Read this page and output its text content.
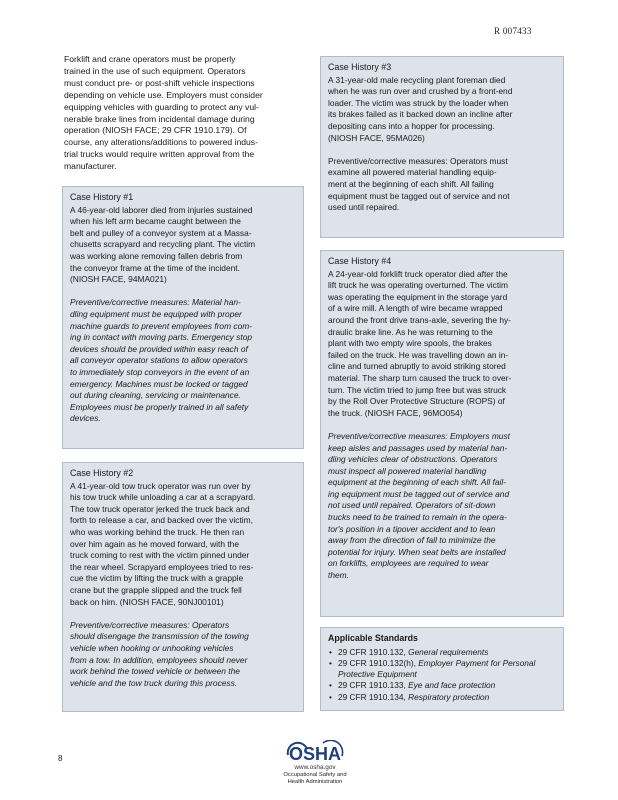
R 007433

Forklift and crane operators must be properly
trained in the use of such equipment. Operators
must conduct pre- or post-shift vehicle inspections
depending on vehicle use. Employers must consider
equipping vehicles with guarding to protect any vul-
nerable brake lines from incidental damage during
operation (NIOSH FACE; 29 CFR 1910.179). Of
course, any alterations/additions to powered indus-
trial trucks would require written approval from the
manufacturer.

Case History #1

A 46-year-old laborer died from injuries sustained
when his left arm became caught between the
belt and pulley of a conveyor system at a Massa-
chusetts scrapyard and recycling plant. The victim
was working alone removing fallen debris from
the conveyor frame at the time of the incident.
(NIOSH FACE, 94MA021)

Preventive/corrective measures: Material han-
dling equipment must be equipped with proper
machine guards to prevent employees from com-
ing in contact with moving parts. Emergency stop
devices should be provided within easy reach of
all conveyor operator stations to allow operators
to immediately stop conveyors in the event of an
emergency. Machines must be locked or tagged
out during cleaning, servicing or maintenance.
Employees must be properly trained in all safety
devices.

Case History #2

A 41-year-old tow truck operator was run over by
his tow truck while unloading a car at a scrapyard.
The tow truck operator jerked the truck back and
forth to release a car, and backed over the victim,
who was working behind the truck. He then ran
over him again as he moved forward, with the
truck coming to rest with the victim pinned under
the rear wheel. Scrapyard employees tried to res-
cue the victim by lifting the truck with a grapple
crane but the grapple slipped and the truck fell
back on him. (NIOSH FACE, 90NJ00101)

Preventive/corrective measures: Operators
should disengage the transmission of the towing
vehicle when hooking or unhooking vehicles
from a tow. In addition, employees should never
work behind the towed vehicle or between the
vehicle and the tow truck during this process.

Case History #3

A 31-year-old male recycling plant foreman died
when he was run over and crushed by a front-end
loader. The victim was struck by the loader when
its brakes failed as it backed down an incline after
depositing cans into a hopper for processing.
(NIOSH FACE, 95MA026)

Preventive/corrective measures: Operators must
examine all powered material handling equip-
ment at the beginning of each shift. All failing
equipment must be tagged out of service and not
used until repaired.

Case History #4

A 24-year-old forklift truck operator died after the
lift truck he was operating overturned. The victim
was operating the equipment in the storage yard
of a wire mill. A length of wire became wrapped
around the front drive trans-axle, severing the hy-
draulic brake line. As he was returning to the
plant with two empty wire spools, the brakes
failed on the truck. He was travelling down an in-
cline and turned abruptly to avoid striking stored
material. The sharp turn caused the truck to over-
turn. The victim tried to jump free but was struck
by the Roll Over Protective Structure (ROPS) of
the truck. (NIOSH FACE, 96MO054)

Preventive/corrective measures: Employers must
keep aisles and passages used by material han-
dling vehicles clear of obstructions. Operators
must inspect all powered material handling
equipment at the beginning of each shift. All fail-
ing equipment must be tagged out of service and
not used until repaired. Operators of sit-down
trucks need to be trained to remain in the opera-
tor's position in a tipover accident and to lean
away from the direction of fall to minimize the
potential for injury. When seat belts are installed
on forklifts, employees are required to wear
them.

Applicable Standards
• 29 CFR 1910.132, General requirements
• 29 CFR 1910.132(h), Employer Payment for Personal Protective Equipment
• 29 CFR 1910.133, Eye and face protection
• 29 CFR 1910.134, Respiratory protection
8	OSHA
www.osha.gov
Occupational Safety and
Health Administration
